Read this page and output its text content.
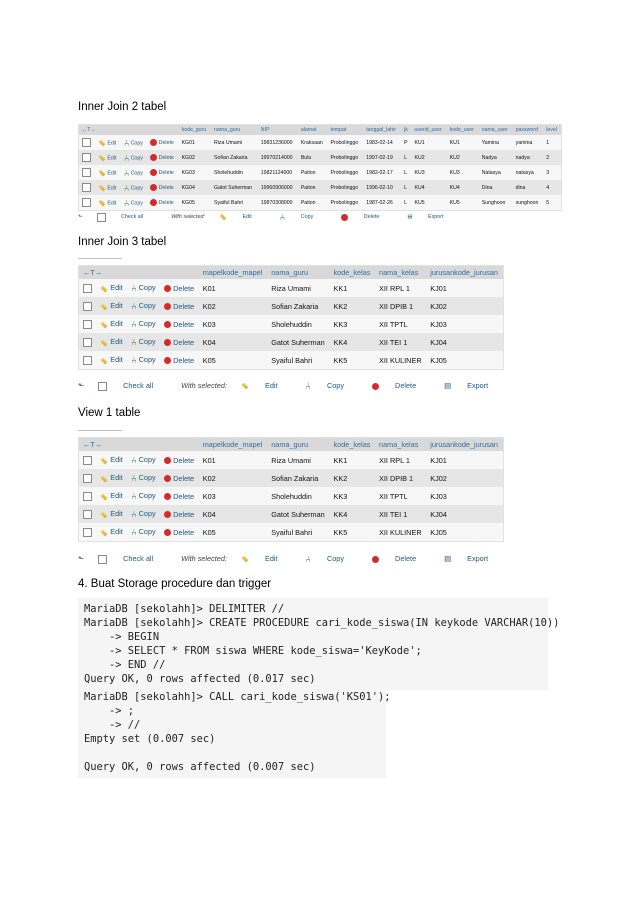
Inner Join 2 tabel
←T→				kode_guru	nama_guru	NIP	alamat	tempat	tanggal_lahir	jk	userid_user	kode_user	nama_user	password	level
	Edit	⑃ Copy	Delete	KG01	Riza Umami	19831236000	Kraksaan	Probolinggo	1983-02-14	P	KU1	KU1	Yamina	yamina	1
	Edit	⑃ Copy	Delete	KG02	Sofian Zakaria	19970214000	Bulu	Probolinggo	1997-02-19	L	KU2	KU2	Nadya	nadya	2
	Edit	⑃ Copy	Delete	KG03	Sholehuddin	19821124000	Paiton	Probolinggo	1982-02-17	L	KU3	KU3	Natasya	natasya	3
	Edit	⑃ Copy	Delete	KG04	Gatot Suherman	19960906000	Paiton	Probolinggo	1996-02-10	L	KU4	KU4	Dina	dina	4
	Edit	⑃ Copy	Delete	KG05	Syaiful Bahri	19870308000	Paiton	Probolinggo	1987-02-26	L	KU5	KU5	Sunghoon	sunghoon	5
⬑	Check all	With selected:	Edit	⑃	Copy	Delete	▤	Export
Inner Join 3 tabel
←T→				mapelkode_mapel	nama_guru	kode_kelas	nama_kelas	jurusankode_jurusan
	Edit	⑃ Copy	Delete	K01	Riza Umami	KK1	XII RPL 1	KJ01
	Edit	⑃ Copy	Delete	K02	Sofian Zakaria	KK2	XII DPIB 1	KJ02
	Edit	⑃ Copy	Delete	K03	Sholehuddin	KK3	XII TPTL	KJ03
	Edit	⑃ Copy	Delete	K04	Gatot Suherman	KK4	XII TEI 1	KJ04
	Edit	⑃ Copy	Delete	K05	Syaiful Bahri	KK5	XII KULINER	KJ05
⬑	Check all	With selected:	Edit	⑃ Copy	Delete	▤ Export
View 1 table
←T→				mapelkode_mapel	nama_guru	kode_kelas	nama_kelas	jurusankode_jurusan
	Edit	⑃ Copy	Delete	K01	Riza Umami	KK1	XII RPL 1	KJ01
	Edit	⑃ Copy	Delete	K02	Sofian Zakaria	KK2	XII DPIB 1	KJ02
	Edit	⑃ Copy	Delete	K03	Sholehuddin	KK3	XII TPTL	KJ03
	Edit	⑃ Copy	Delete	K04	Gatot Suherman	KK4	XII TEI 1	KJ04
	Edit	⑃ Copy	Delete	K05	Syaiful Bahri	KK5	XII KULINER	KJ05
⬑	Check all	With selected:	Edit	⑃ Copy	Delete	▤ Export
4. Buat Storage procedure dan trigger
MariaDB [sekolahh]> DELIMITER //
MariaDB [sekolahh]> CREATE PROCEDURE cari_kode_siswa(IN keykode VARCHAR(10))
-> BEGIN
-> SELECT * FROM siswa WHERE kode_siswa='KeyKode';
-> END //
Query OK, 0 rows affected (0.017 sec)
MariaDB [sekolahh]> CALL cari_kode_siswa('KS01');
-> ;
-> //
Empty set (0.007 sec)

Query OK, 0 rows affected (0.007 sec)
